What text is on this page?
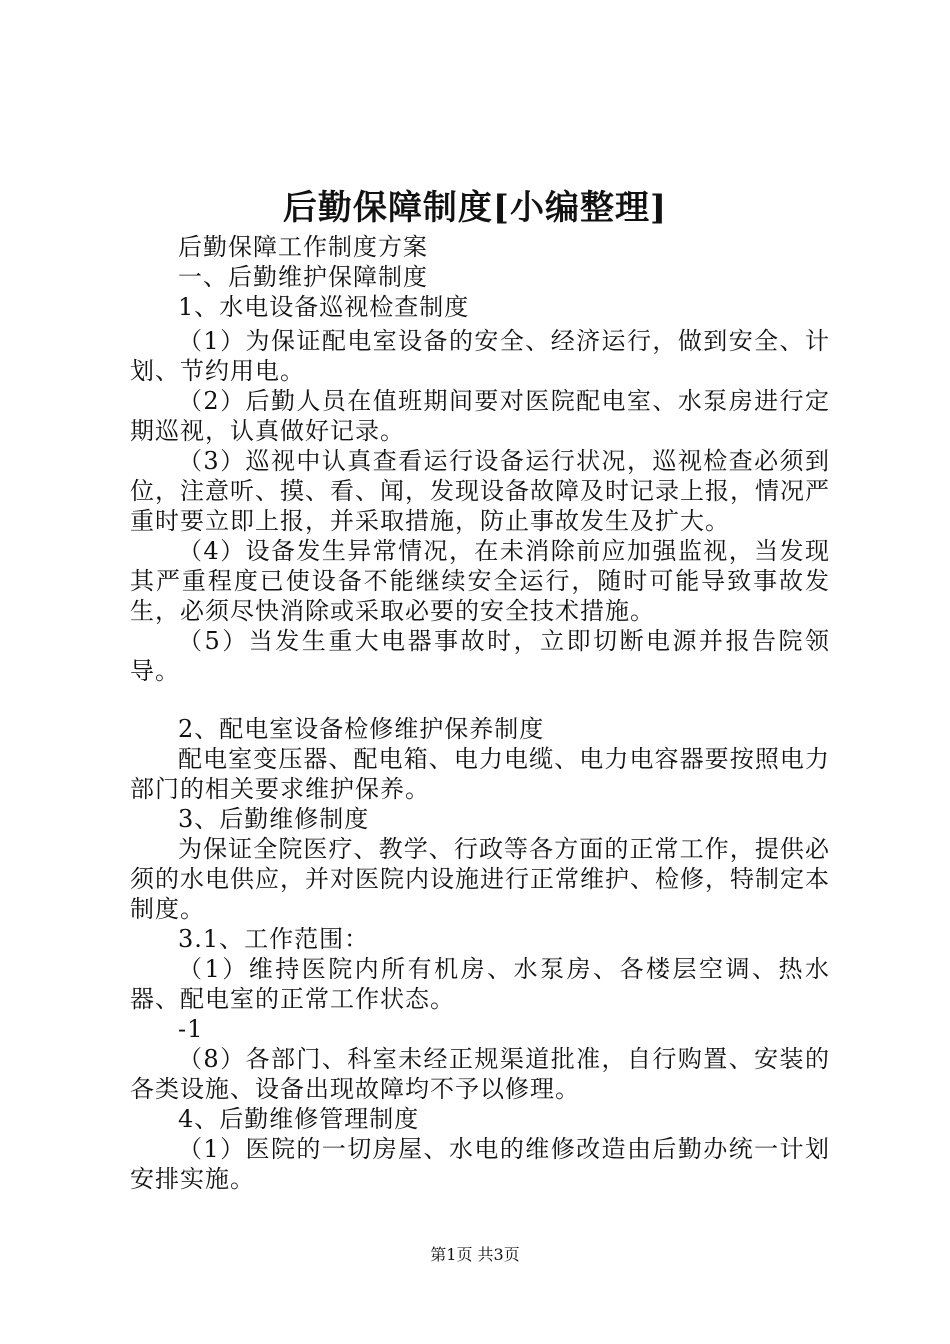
后勤保障制度[小编整理]

后勤保障工作制度方案

一、后勤维护保障制度

1、水电设备巡视检查制度

（1）为保证配电室设备的安全、经济运行，做到安全、计划、节约用电。

（2）后勤人员在值班期间要对医院配电室、水泵房进行定期巡视，认真做好记录。

（3）巡视中认真查看运行设备运行状况，巡视检查必须到位，注意听、摸、看、闻，发现设备故障及时记录上报，情况严重时要立即上报，并采取措施，防止事故发生及扩大。

（4）设备发生异常情况，在未消除前应加强监视，当发现其严重程度已使设备不能继续安全运行，随时可能导致事故发生，必须尽快消除或采取必要的安全技术措施。

（5）当发生重大电器事故时，立即切断电源并报告院领导。

2、配电室设备检修维护保养制度

配电室变压器、配电箱、电力电缆、电力电容器要按照电力部门的相关要求维护保养。

3、后勤维修制度

为保证全院医疗、教学、行政等各方面的正常工作，提供必须的水电供应，并对医院内设施进行正常维护、检修，特制定本制度。

3.1、工作范围：

（1）维持医院内所有机房、水泵房、各楼层空调、热水器、配电室的正常工作状态。

-1

（8）各部门、科室未经正规渠道批准，自行购置、安装的各类设施、设备出现故障均不予以修理。

4、后勤维修管理制度

（1）医院的一切房屋、水电的维修改造由后勤办统一计划安排实施。

第1页 共3页
